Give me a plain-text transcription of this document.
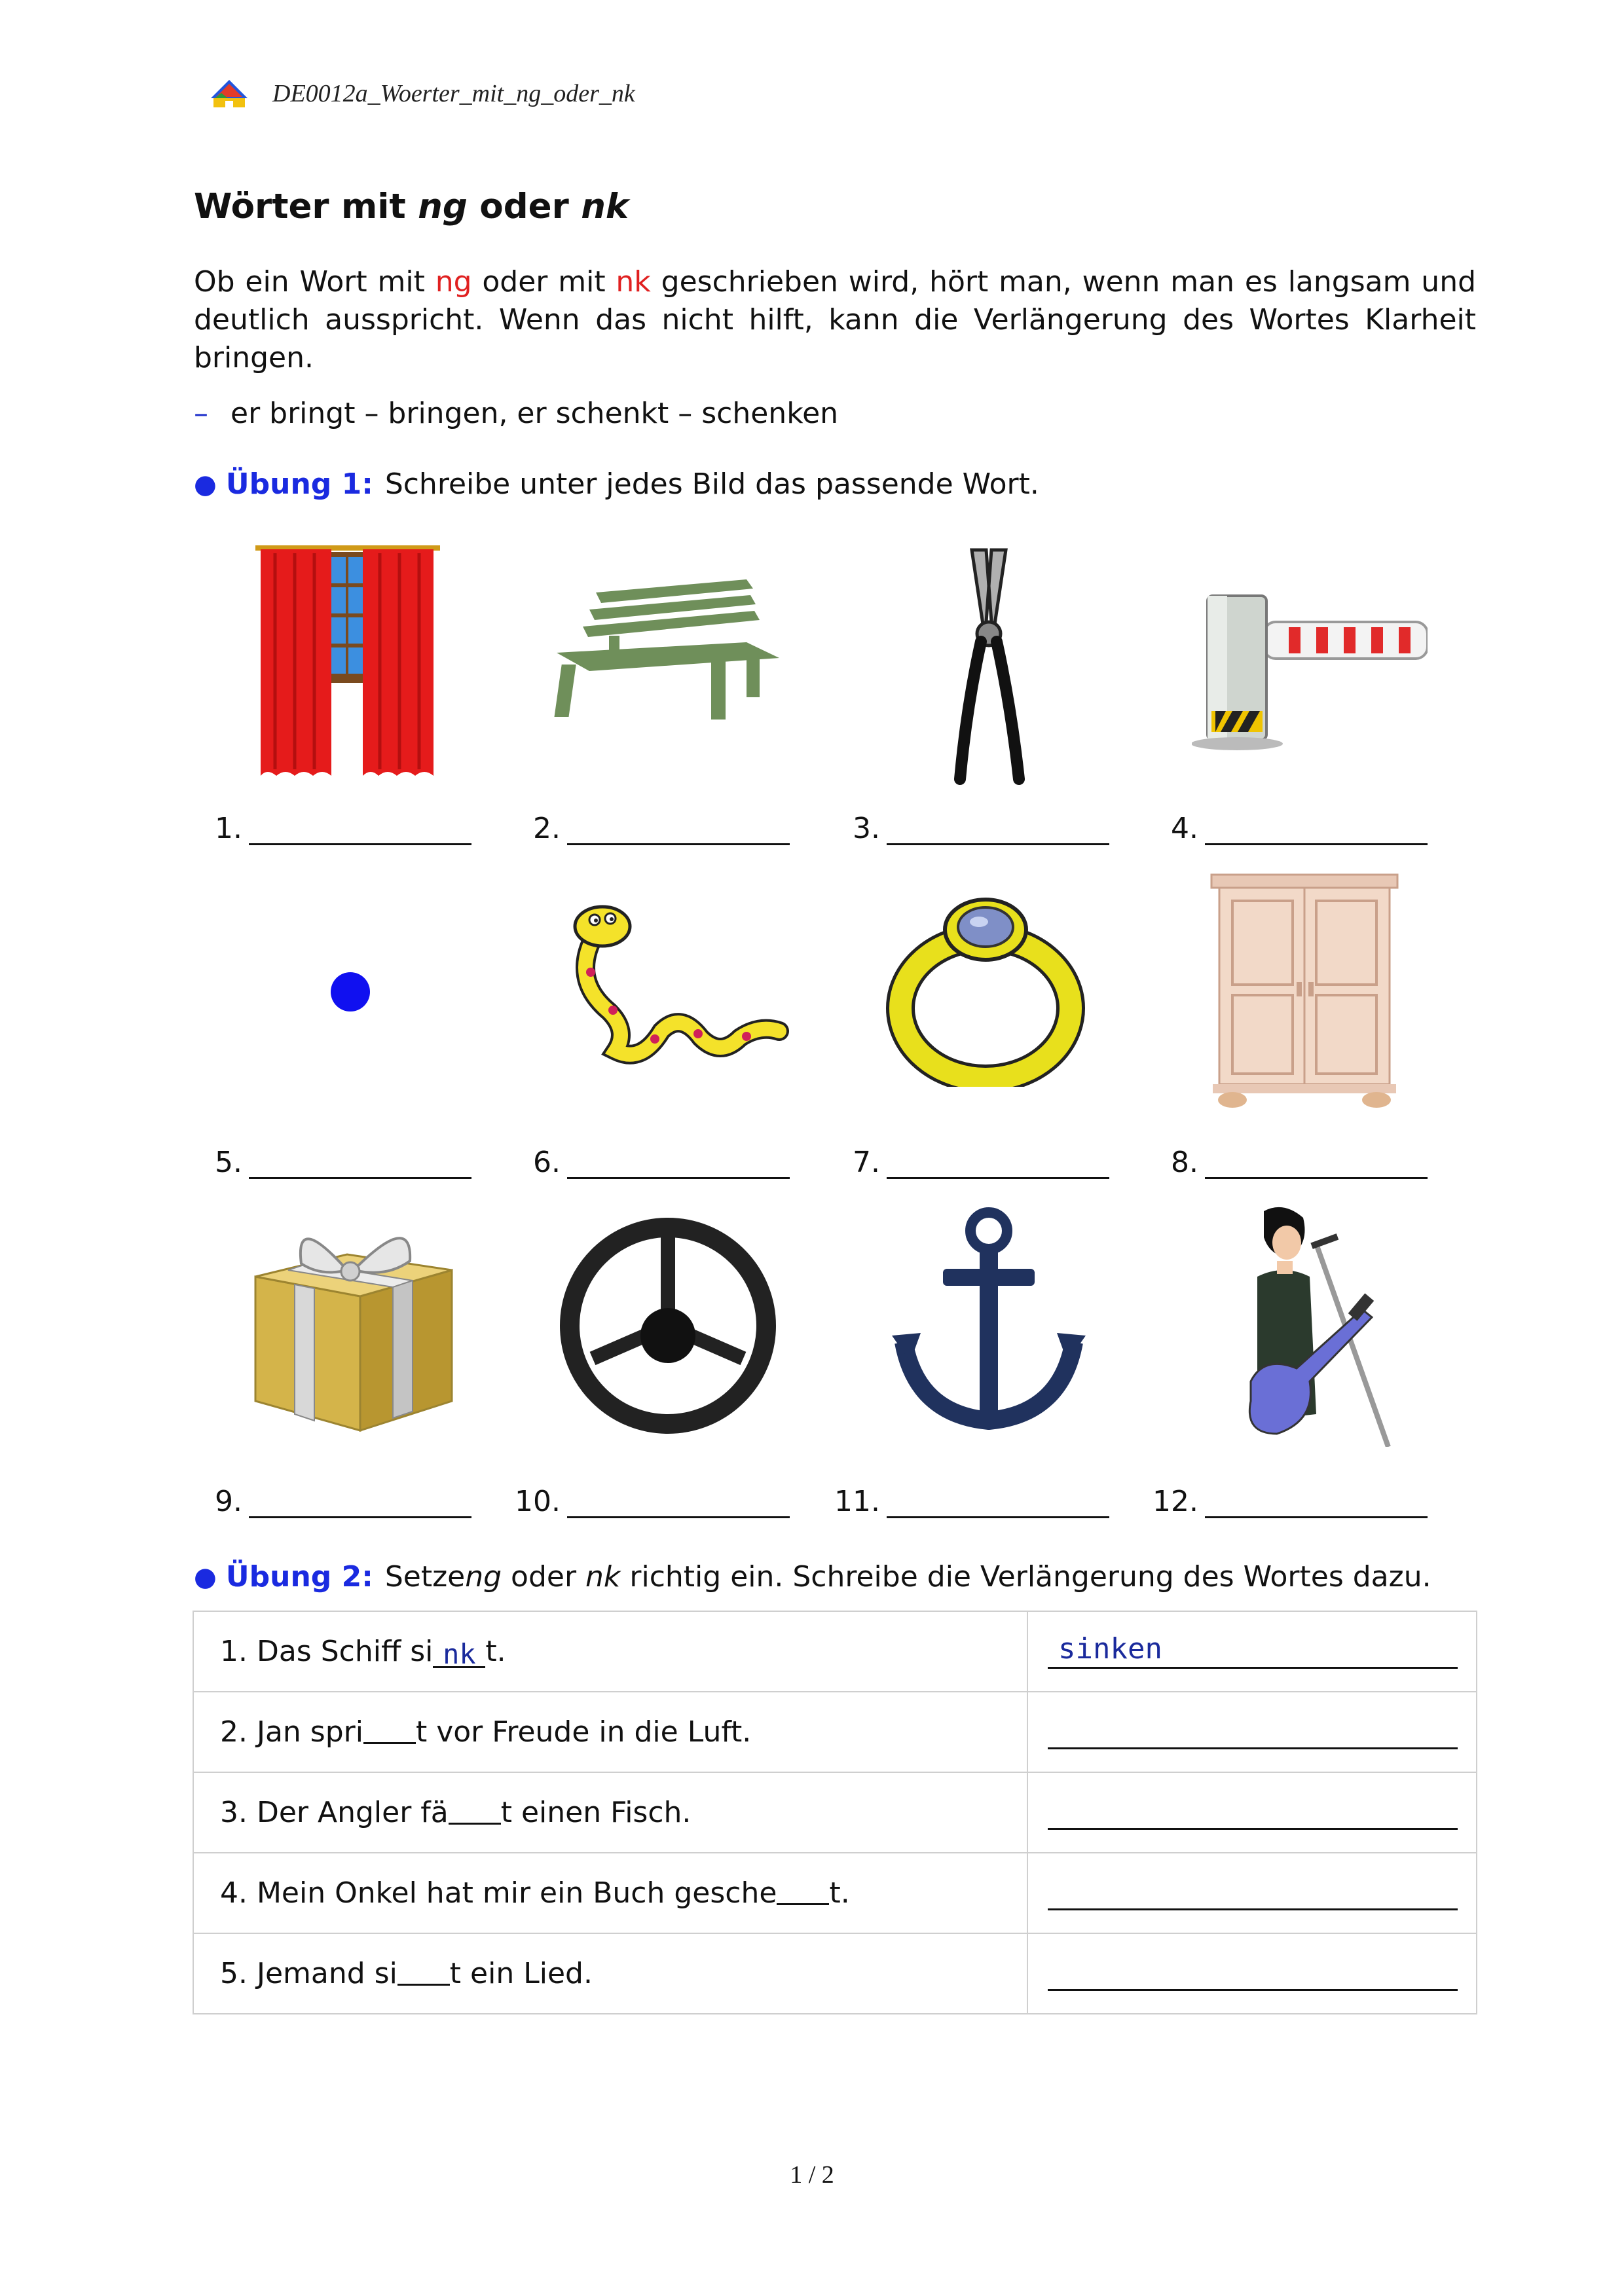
DE0012a_Woerter_mit_ng_oder_nk
Wörter mit ng oder nk
Ob ein Wort mit ng oder mit nk geschrieben wird, hört man, wenn man es langsam und deutlich ausspricht. Wenn das nicht hilft, kann die Verlängerung des Wortes Klarheit bringen.
– er bringt – bringen, er schenkt – schenken
● Übung 1: Schreibe unter jedes Bild das passende Wort.
1.	2.	3.	4.
5.	6.	7.	8.
9.	10.	11.	12.
● Übung 2: Setze ng oder nk richtig ein. Schreibe die Verlängerung des Wortes dazu.
1. Das Schiff si nk t.	sinken

2. Jan spri t vor Freude in die Luft.	

3. Der Angler fä t einen Fisch.	

4. Mein Onkel hat mir ein Buch gesche t.	

5. Jemand si t ein Lied.	
1 / 2
